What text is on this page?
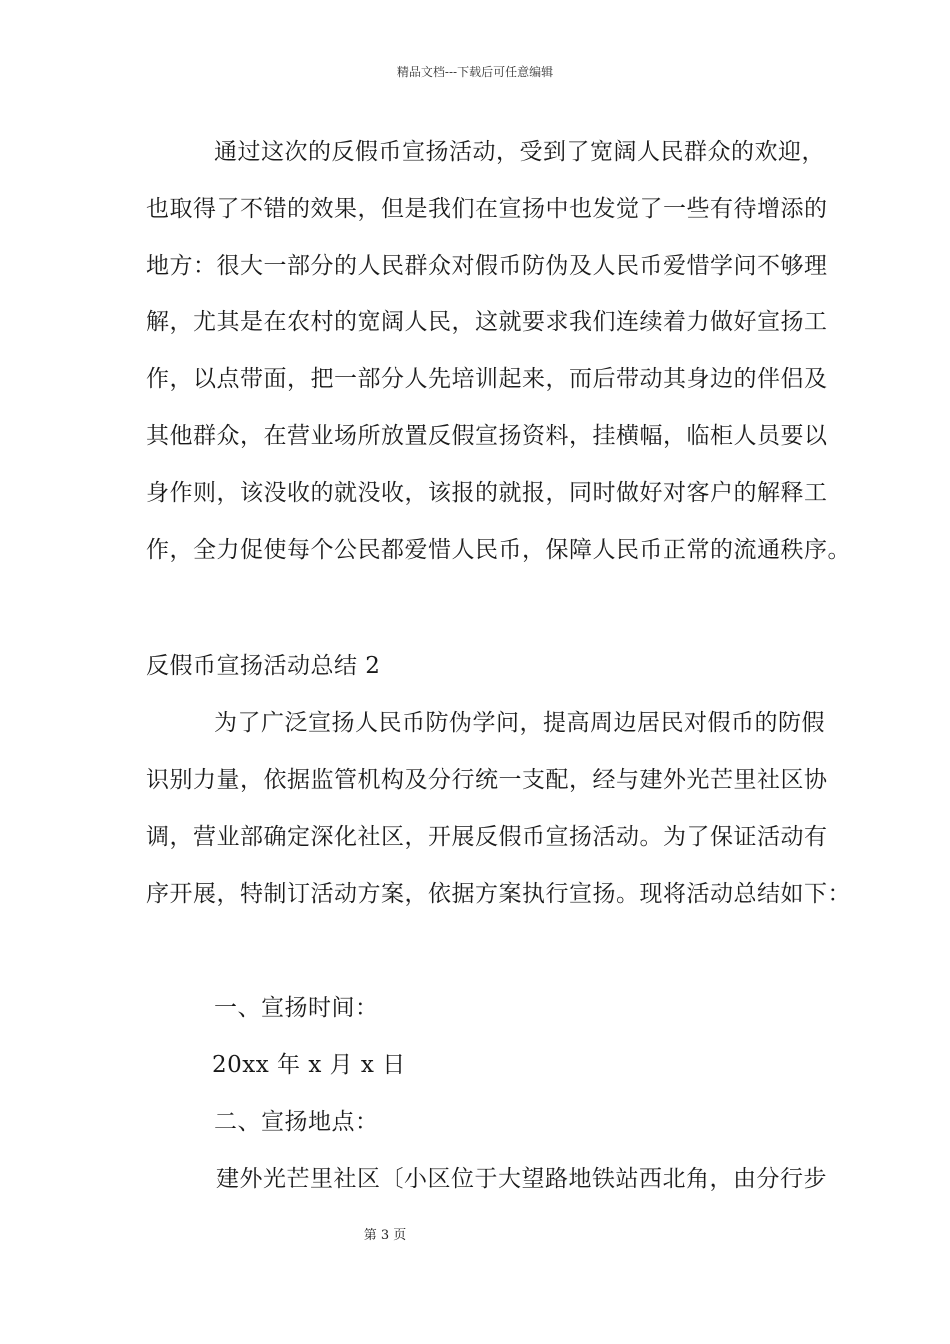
精品文档---下载后可任意编辑
通过这次的反假币宣扬活动，受到了宽阔人民群众的欢迎，
也取得了不错的效果，但是我们在宣扬中也发觉了一些有待增添的
地方：很大一部分的人民群众对假币防伪及人民币爱惜学问不够理
解，尤其是在农村的宽阔人民，这就要求我们连续着力做好宣扬工
作，以点带面，把一部分人先培训起来，而后带动其身边的伴侣及
其他群众，在营业场所放置反假宣扬资料，挂横幅，临柜人员要以
身作则，该没收的就没收，该报的就报，同时做好对客户的解释工
作，全力促使每个公民都爱惜人民币，保障人民币正常的流通秩序。
反假币宣扬活动总结 2
为了广泛宣扬人民币防伪学问，提高周边居民对假币的防假
识别力量，依据监管机构及分行统一支配，经与建外光芒里社区协
调，营业部确定深化社区，开展反假币宣扬活动。为了保证活动有
序开展，特制订活动方案，依据方案执行宣扬。现将活动总结如下：
一、宣扬时间：
20xx 年 x 月 x 日
二、宣扬地点：
建外光芒里社区〔小区位于大望路地铁站西北角，由分行步
第 3 页
